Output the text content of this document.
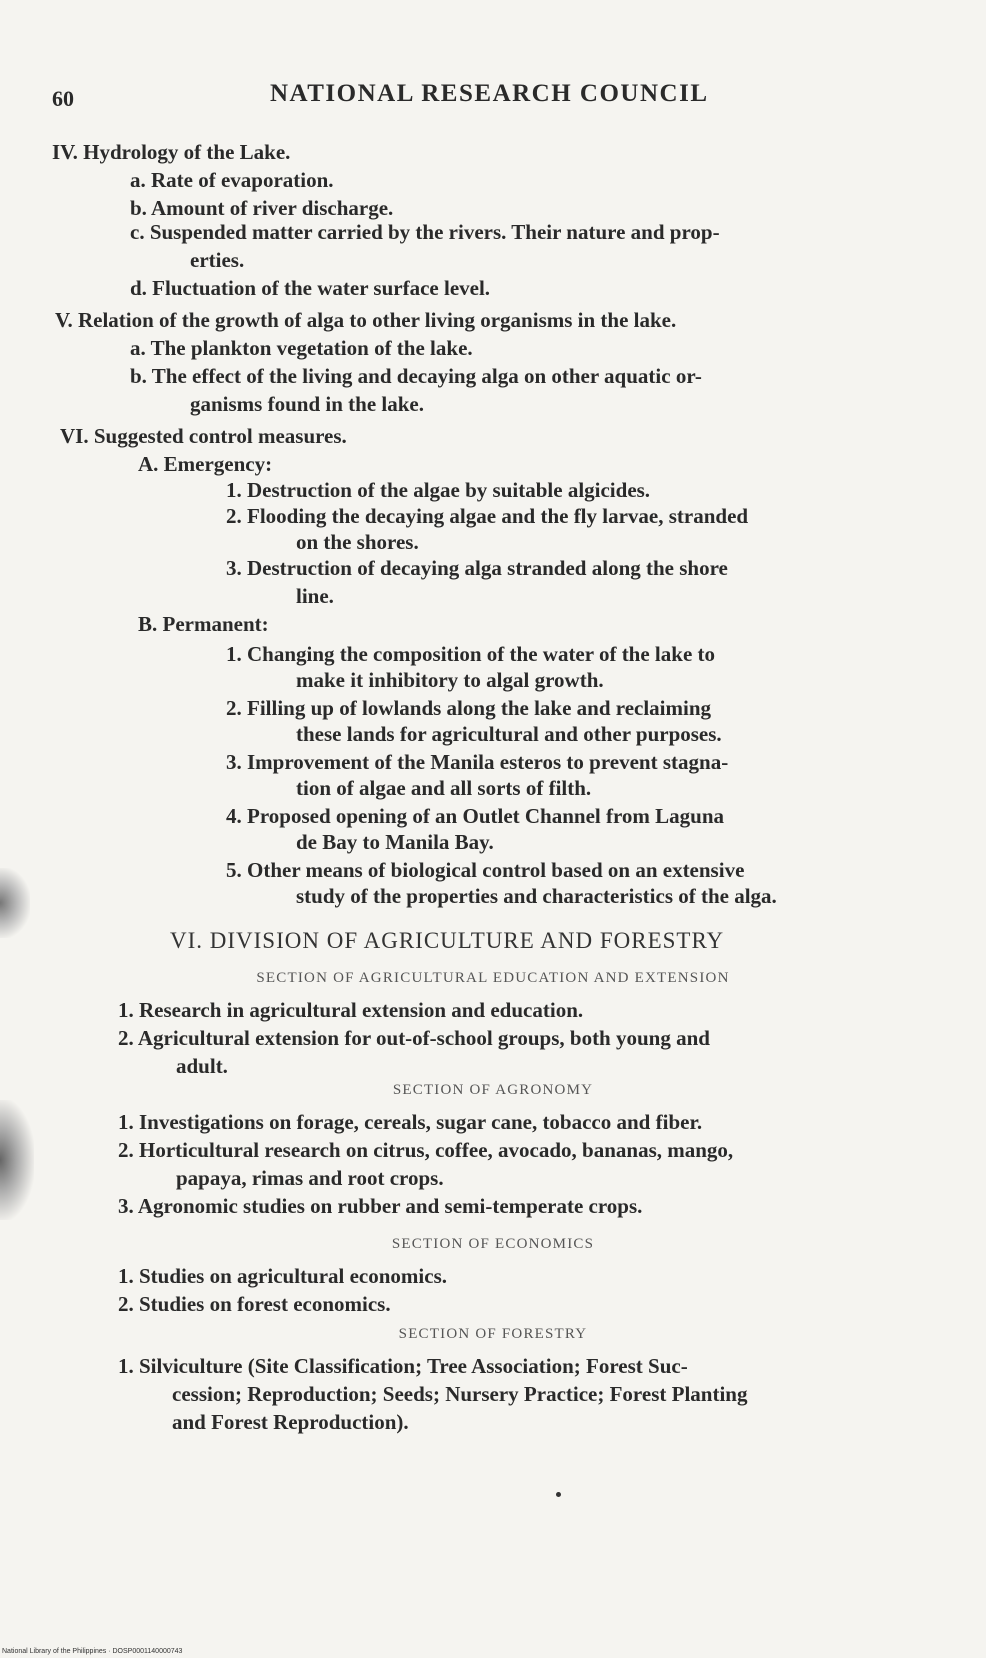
60	NATIONAL RESEARCH COUNCIL
IV. Hydrology of the Lake.
a. Rate of evaporation.
b. Amount of river discharge.
c. Suspended matter carried by the rivers. Their nature and prop-
erties.
d. Fluctuation of the water surface level.
V. Relation of the growth of alga to other living organisms in the lake.
a. The plankton vegetation of the lake.
b. The effect of the living and decaying alga on other aquatic or-
ganisms found in the lake.
VI. Suggested control measures.
A. Emergency:
1. Destruction of the algae by suitable algicides.
2. Flooding the decaying algae and the fly larvae, stranded
on the shores.
3. Destruction of decaying alga stranded along the shore
line.
B. Permanent:
1. Changing the composition of the water of the lake to
make it inhibitory to algal growth.
2. Filling up of lowlands along the lake and reclaiming
these lands for agricultural and other purposes.
3. Improvement of the Manila esteros to prevent stagna-
tion of algae and all sorts of filth.
4. Proposed opening of an Outlet Channel from Laguna
de Bay to Manila Bay.
5. Other means of biological control based on an extensive
study of the properties and characteristics of the alga.
VI. DIVISION OF AGRICULTURE AND FORESTRY
SECTION OF AGRICULTURAL EDUCATION AND EXTENSION
1. Research in agricultural extension and education.
2. Agricultural extension for out-of-school groups, both young and
adult.
SECTION OF AGRONOMY
1. Investigations on forage, cereals, sugar cane, tobacco and fiber.
2. Horticultural research on citrus, coffee, avocado, bananas, mango,
papaya, rimas and root crops.
3. Agronomic studies on rubber and semi-temperate crops.
SECTION OF ECONOMICS
1. Studies on agricultural economics.
2. Studies on forest economics.
SECTION OF FORESTRY
1. Silviculture (Site Classification; Tree Association; Forest Suc-
cession; Reproduction; Seeds; Nursery Practice; Forest Planting
and Forest Reproduction).
National Library of the Philippines · DOSP0001140000743
